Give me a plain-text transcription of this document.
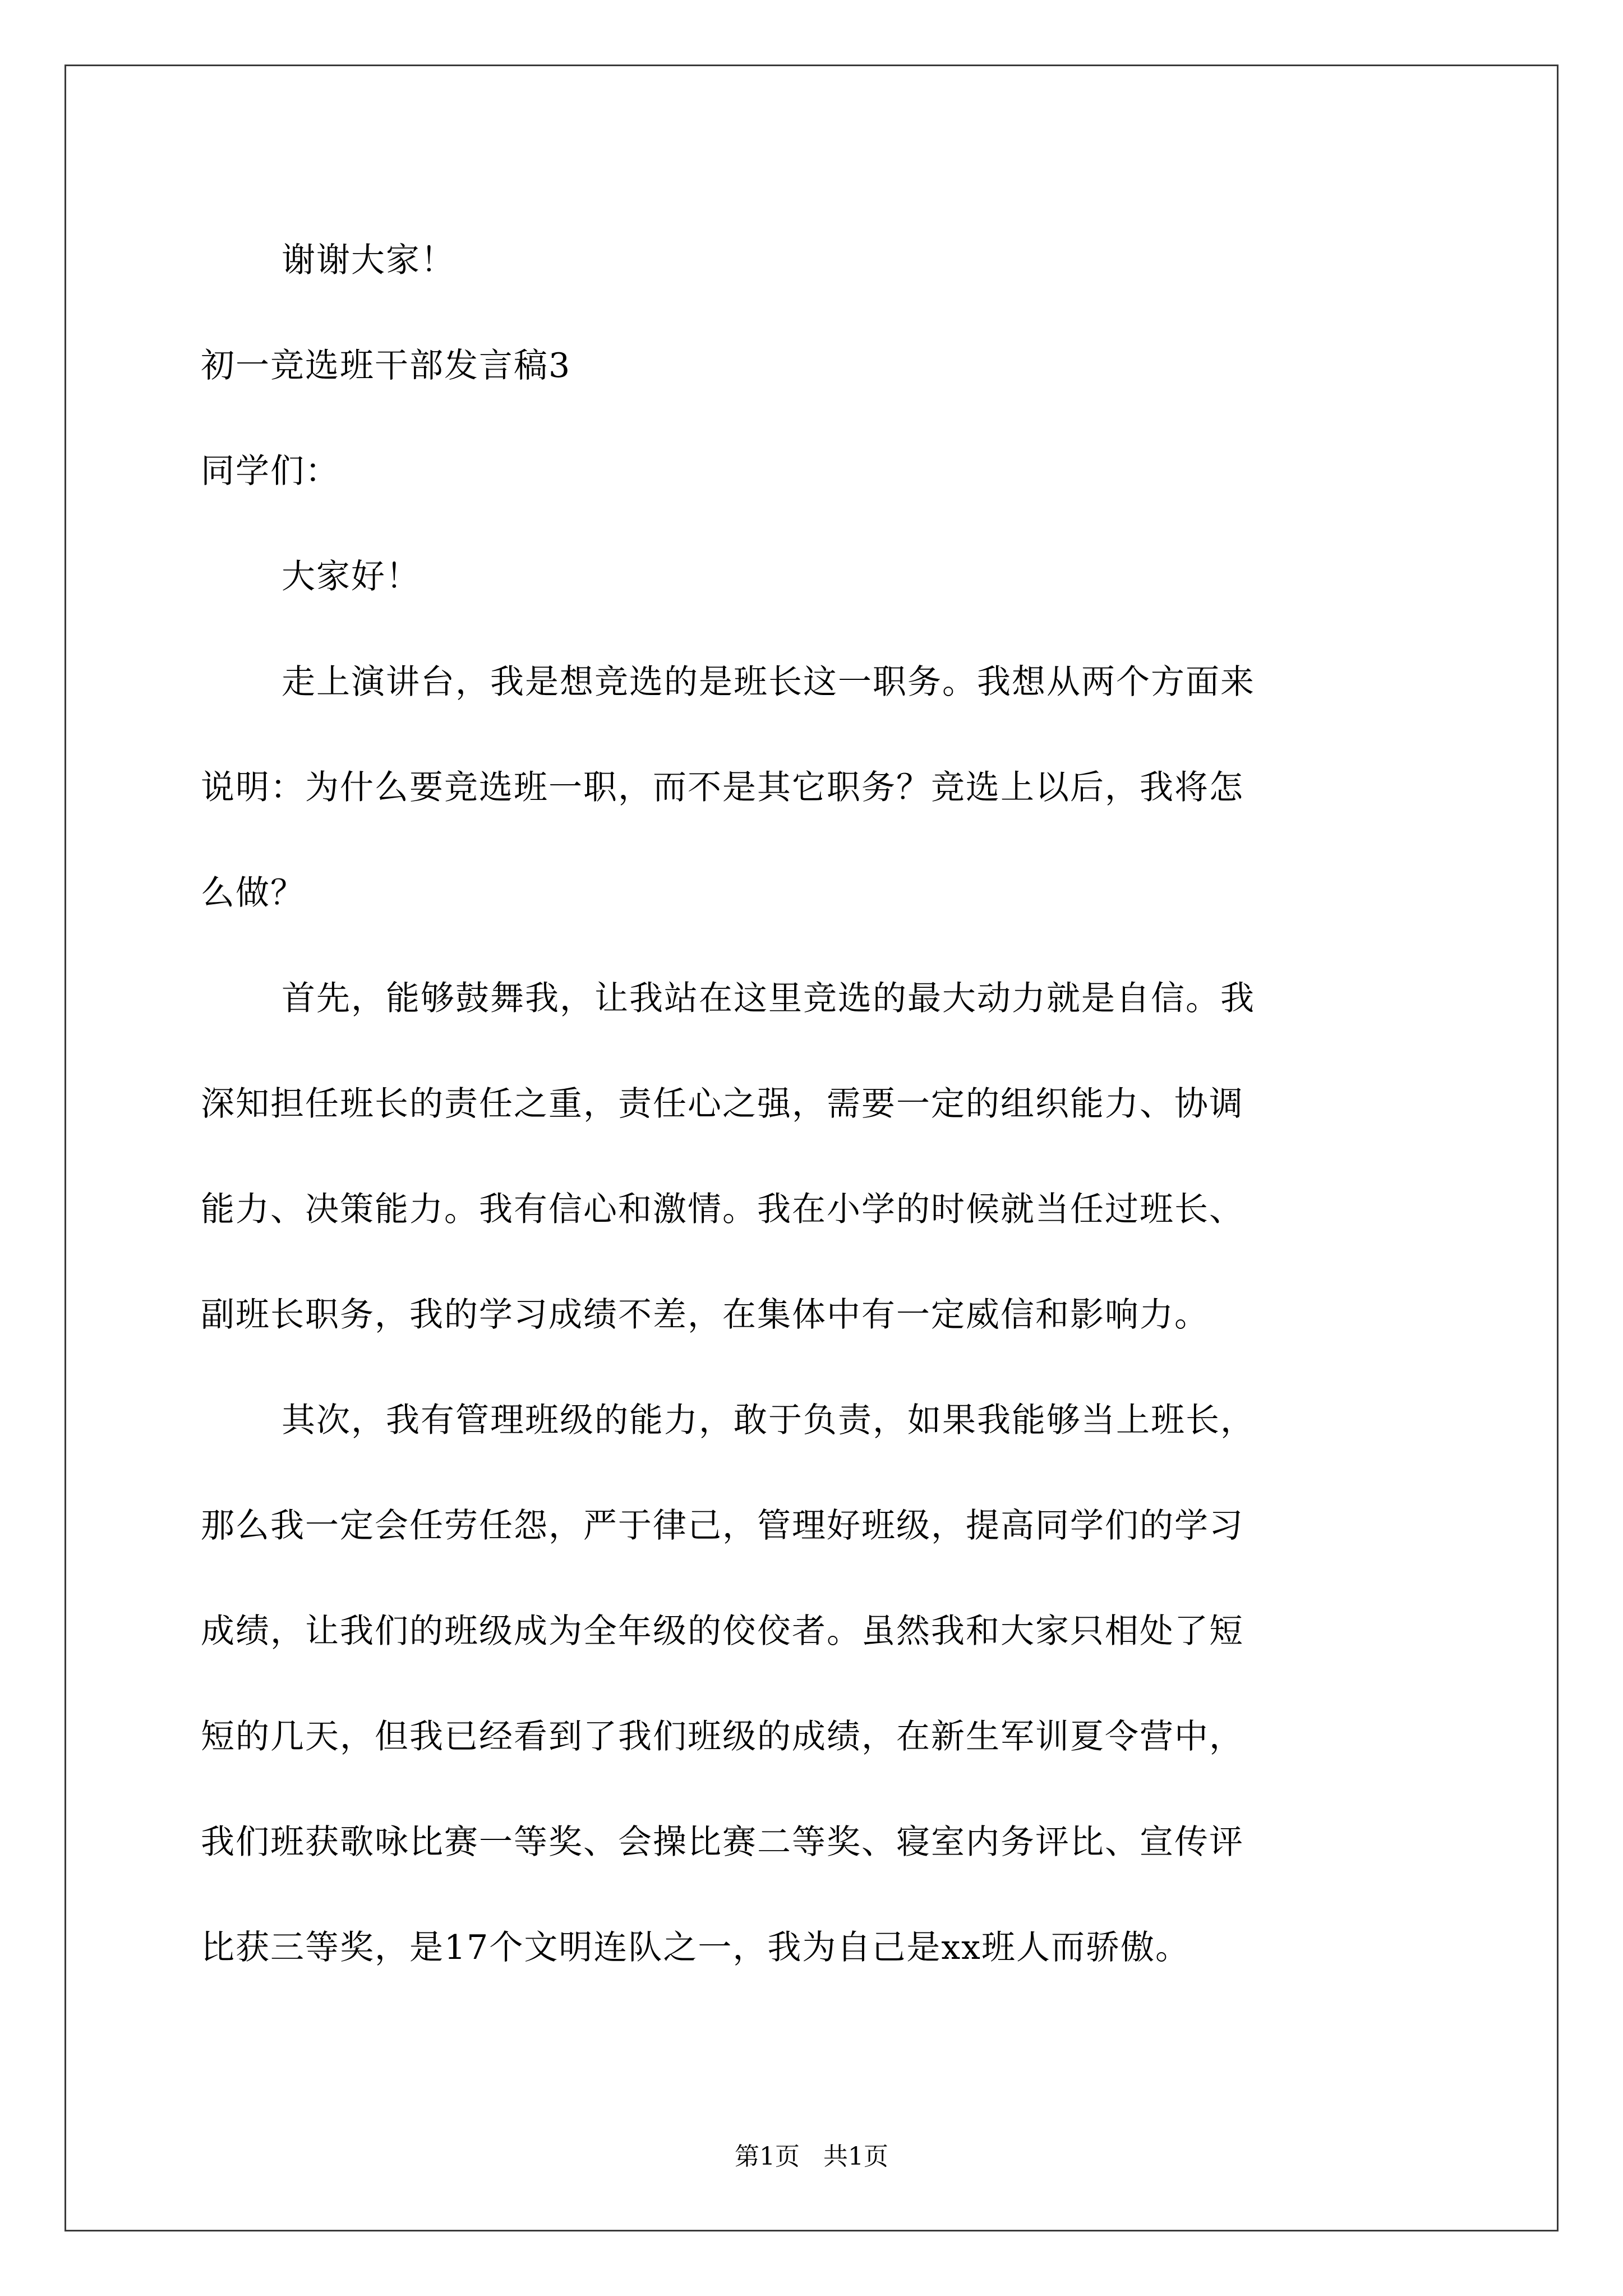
谢谢大家！
初一竞选班干部发言稿3
同学们：
大家好！
走上演讲台，我是想竞选的是班长这一职务。我想从两个方面来
说明：为什么要竞选班一职，而不是其它职务？竞选上以后，我将怎
么做？
首先，能够鼓舞我，让我站在这里竞选的最大动力就是自信。我
深知担任班长的责任之重，责任心之强，需要一定的组织能力、协调
能力、决策能力。我有信心和激情。我在小学的时候就当任过班长、
副班长职务，我的学习成绩不差，在集体中有一定威信和影响力。
其次，我有管理班级的能力，敢于负责，如果我能够当上班长，
那么我一定会任劳任怨，严于律己，管理好班级，提高同学们的学习
成绩，让我们的班级成为全年级的佼佼者。虽然我和大家只相处了短
短的几天，但我已经看到了我们班级的成绩，在新生军训夏令营中，
我们班获歌咏比赛一等奖、会操比赛二等奖、寝室内务评比、宣传评
比获三等奖，是17个文明连队之一，我为自己是xx班人而骄傲。
第1页   共1页
